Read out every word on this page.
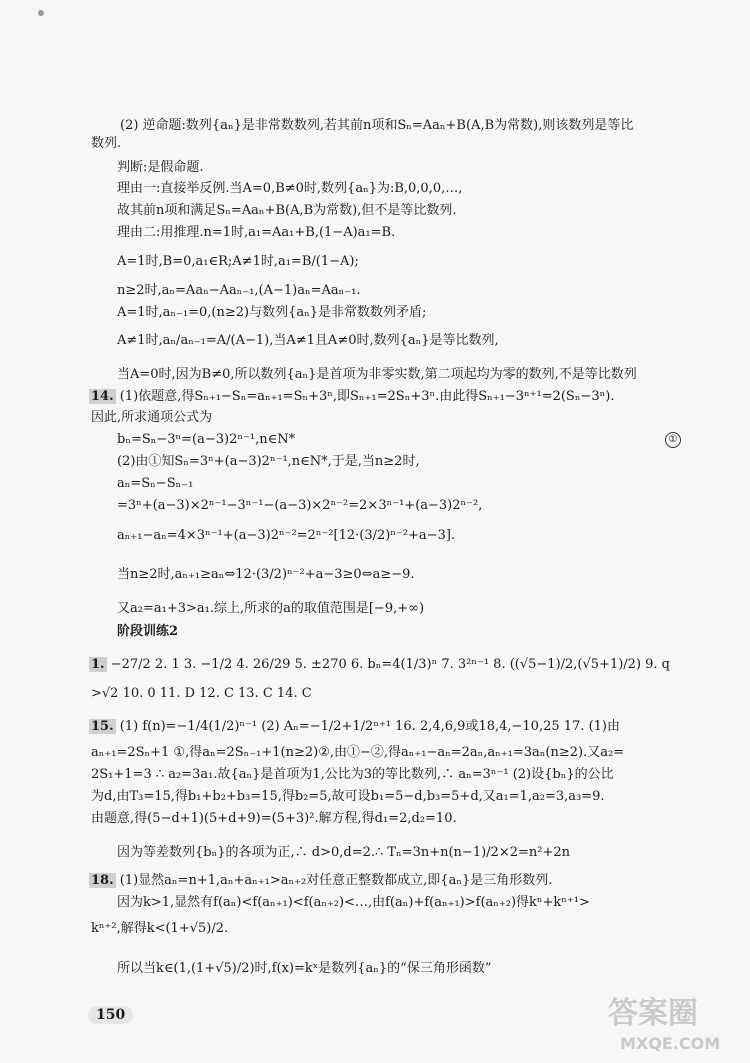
(2) 逆命题:数列{aₙ}是非常数数列,若其前n项和Sₙ=Aaₙ+B(A,B为常数),则该数列是等比
数列.
判断:是假命题.
理由一:直接举反例.当A=0,B≠0时,数列{aₙ}为:B,0,0,0,…,
故其前n项和满足Sₙ=Aaₙ+B(A,B为常数),但不是等比数列.
理由二:用推理.n=1时,a₁=Aa₁+B,(1−A)a₁=B.
A=1时,B=0,a₁∈R;A≠1时,a₁=B/(1−A);
n≥2时,aₙ=Aaₙ−Aaₙ₋₁,(A−1)aₙ=Aaₙ₋₁.
A=1时,aₙ₋₁=0,(n≥2)与数列{aₙ}是非常数数列矛盾;
A≠1时,aₙ/aₙ₋₁=A/(A−1),当A≠1且A≠0时,数列{aₙ}是等比数列,
当A=0时,因为B≠0,所以数列{aₙ}是首项为非零实数,第二项起均为零的数列,不是等比数列
14. (1)依题意,得Sₙ₊₁−Sₙ=aₙ₊₁=Sₙ+3ⁿ,即Sₙ₊₁=2Sₙ+3ⁿ.由此得Sₙ₊₁−3ⁿ⁺¹=2(Sₙ−3ⁿ).
因此,所求通项公式为
bₙ=Sₙ−3ⁿ=(a−3)2ⁿ⁻¹,n∈N*
(2)由①知Sₙ=3ⁿ+(a−3)2ⁿ⁻¹,n∈N*,于是,当n≥2时,
aₙ=Sₙ−Sₙ₋₁
=3ⁿ+(a−3)×2ⁿ⁻¹−3ⁿ⁻¹−(a−3)×2ⁿ⁻²=2×3ⁿ⁻¹+(a−3)2ⁿ⁻²,
aₙ₊₁−aₙ=4×3ⁿ⁻¹+(a−3)2ⁿ⁻²=2ⁿ⁻²[12·(3/2)ⁿ⁻²+a−3].
当n≥2时,aₙ₊₁≥aₙ⇔12·(3/2)ⁿ⁻²+a−3≥0⇔a≥−9.
又a₂=a₁+3>a₁.综上,所求的a的取值范围是[−9,+∞)
阶段训练2
1. −27/2 2. 1 3. −1/2 4. 26/29 5. ±270 6. bₙ=4(1/3)ⁿ 7. 3²ⁿ⁻¹ 8. ((√5−1)/2,(√5+1)/2) 9. q
>√2 10. 0 11. D 12. C 13. C 14. C
15. (1) f(n)=−1/4(1/2)ⁿ⁻¹ (2) Aₙ=−1/2+1/2ⁿ⁺¹ 16. 2,4,6,9或18,4,−10,25 17. (1)由
aₙ₊₁=2Sₙ+1 ①,得aₙ=2Sₙ₋₁+1(n≥2)②,由①−②,得aₙ₊₁−aₙ=2aₙ,aₙ₊₁=3aₙ(n≥2).又a₂=
2S₁+1=3 ∴ a₂=3a₁.故{aₙ}是首项为1,公比为3的等比数列,∴ aₙ=3ⁿ⁻¹ (2)设{bₙ}的公比
为d,由T₃=15,得b₁+b₂+b₃=15,得b₂=5,故可设b₁=5−d,b₃=5+d,又a₁=1,a₂=3,a₃=9.
由题意,得(5−d+1)(5+d+9)=(5+3)².解方程,得d₁=2,d₂=10.
因为等差数列{bₙ}的各项为正,∴ d>0,d=2.∴ Tₙ=3n+n(n−1)/2×2=n²+2n
18. (1)显然aₙ=n+1,aₙ+aₙ₊₁>aₙ₊₂对任意正整数都成立,即{aₙ}是三角形数列.
因为k>1,显然有f(aₙ)<f(aₙ₊₁)<f(aₙ₊₂)<…,由f(aₙ)+f(aₙ₊₁)>f(aₙ₊₂)得kⁿ+kⁿ⁺¹>
kⁿ⁺²,解得k<(1+√5)/2.
所以当k∈(1,(1+√5)/2)时,f(x)=kˣ是数列{aₙ}的“保三角形函数”
①
150	答案圈
MXQE.COM
